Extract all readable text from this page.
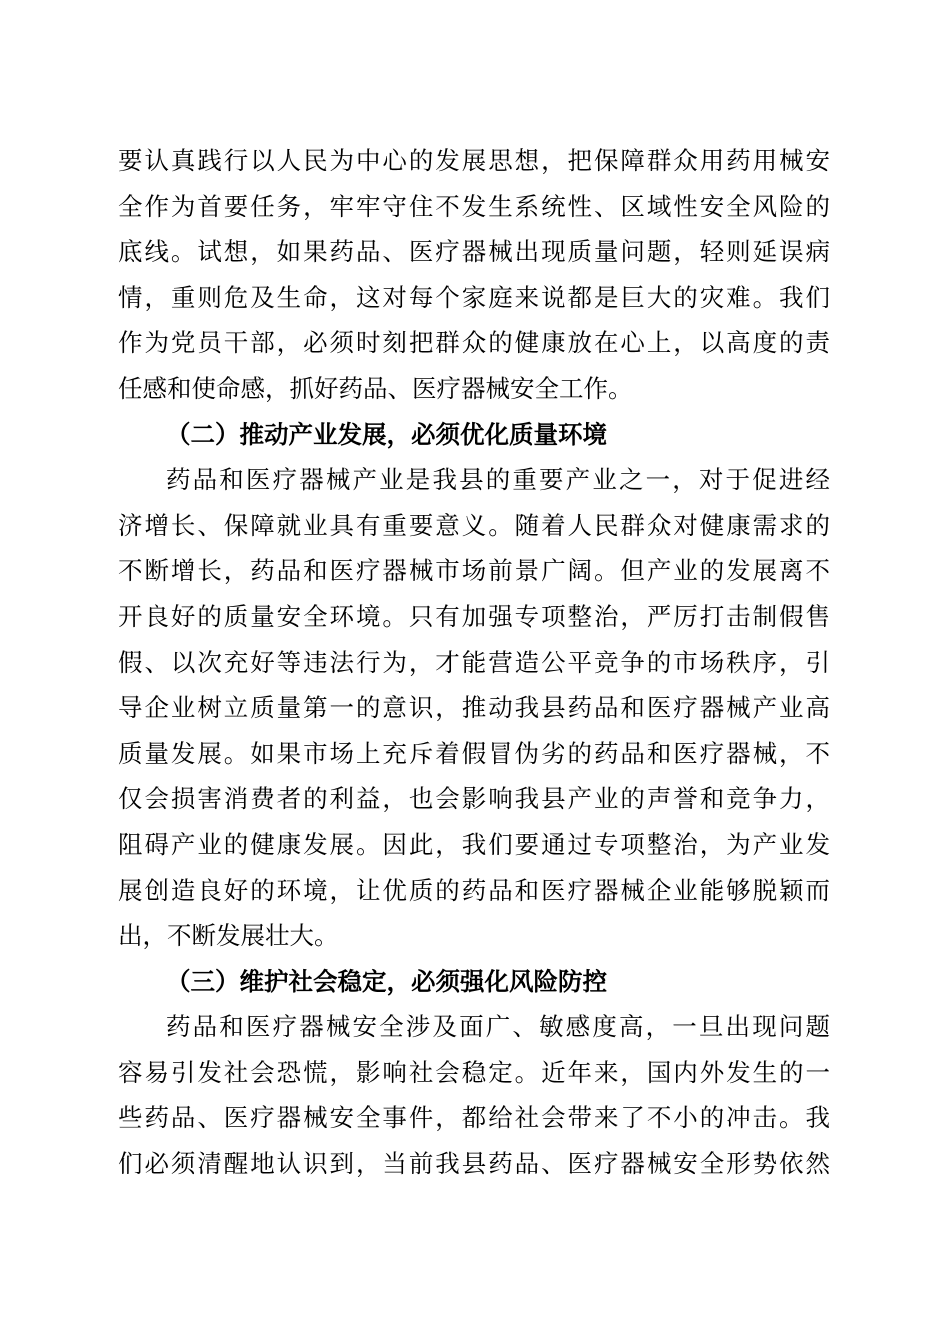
要认真践行以人民为中心的发展思想，把保障群众用药用械安
全作为首要任务，牢牢守住不发生系统性、区域性安全风险的
底线。试想，如果药品、医疗器械出现质量问题，轻则延误病
情，重则危及生命，这对每个家庭来说都是巨大的灾难。我们
作为党员干部，必须时刻把群众的健康放在心上，以高度的责
任感和使命感，抓好药品、医疗器械安全工作。
（二）推动产业发展，必须优化质量环境
药品和医疗器械产业是我县的重要产业之一，对于促进经
济增长、保障就业具有重要意义。随着人民群众对健康需求的
不断增长，药品和医疗器械市场前景广阔。但产业的发展离不
开良好的质量安全环境。只有加强专项整治，严厉打击制假售
假、以次充好等违法行为，才能营造公平竞争的市场秩序，引
导企业树立质量第一的意识，推动我县药品和医疗器械产业高
质量发展。如果市场上充斥着假冒伪劣的药品和医疗器械，不
仅会损害消费者的利益，也会影响我县产业的声誉和竞争力，
阻碍产业的健康发展。因此，我们要通过专项整治，为产业发
展创造良好的环境，让优质的药品和医疗器械企业能够脱颖而
出，不断发展壮大。
（三）维护社会稳定，必须强化风险防控
药品和医疗器械安全涉及面广、敏感度高，一旦出现问题
容易引发社会恐慌，影响社会稳定。近年来，国内外发生的一
些药品、医疗器械安全事件，都给社会带来了不小的冲击。我
们必须清醒地认识到，当前我县药品、医疗器械安全形势依然
